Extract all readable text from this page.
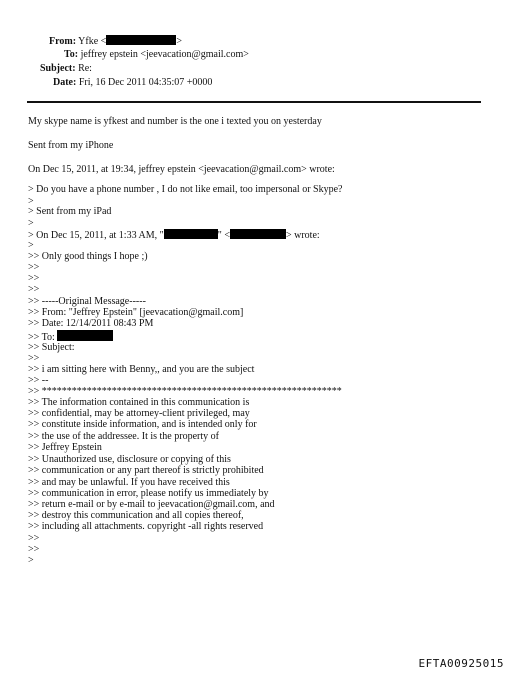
From: Yfke <	>
To: jeffrey epstein <jeevacation@gmail.com>
Subject: Re:
Date: Fri, 16 Dec 2011 04:35:07 +0000
My skype name is yfkest and number is the one i texted you on yesterday
Sent from my iPhone
On Dec 15, 2011, at 19:34, jeffrey epstein <jeevacation@gmail.com> wrote:
> Do you have a phone number , I do not like email, too impersonal or Skype?
>
> Sent from my iPad
>
> On Dec 15, 2011, at 1:33 AM, "	" <	> wrote:
>
>> Only good things I hope ;)
>>
>>
>>
>> -----Original Message-----
>> From: "Jeffrey Epstein" [jeevacation@gmail.com]
>> Date: 12/14/2011 08:43 PM
>> To:
>> Subject:
>>
>> i am sitting here with Benny,, and you are the subject
>> --
>> ************************************************************
>> The information contained in this communication is
>> confidential, may be attorney-client privileged, may
>> constitute inside information, and is intended only for
>> the use of the addressee. It is the property of
>> Jeffrey Epstein
>> Unauthorized use, disclosure or copying of this
>> communication or any part thereof is strictly prohibited
>> and may be unlawful. If you have received this
>> communication in error, please notify us immediately by
>> return e-mail or by e-mail to jeevacation@gmail.com, and
>> destroy this communication and all copies thereof,
>> including all attachments. copyright -all rights reserved
>>
>>
>
EFTA00925015
